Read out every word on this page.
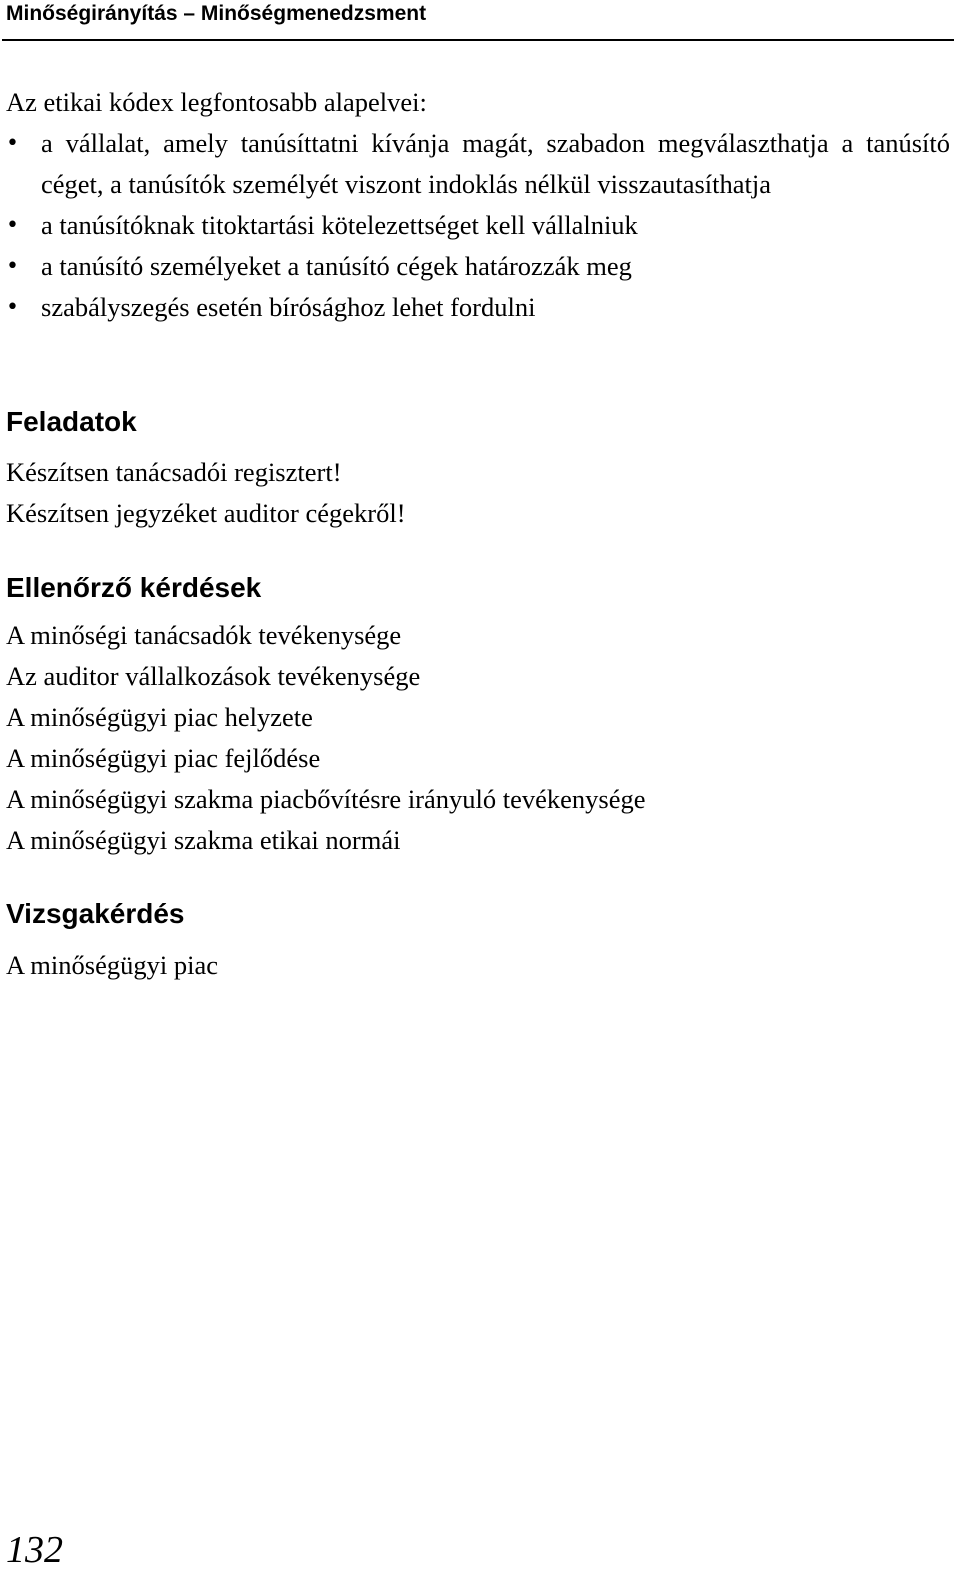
Minőségirányítás – Minőségmenedzsment
Az etikai kódex legfontosabb alapelvei:
• a vállalat, amely tanúsíttatni kívánja magát, szabadon megválaszthatja a tanúsító céget, a tanúsítók személyét viszont indoklás nélkül visszautasíthatja
• a tanúsítóknak titoktartási kötelezettséget kell vállalniuk
• a tanúsító személyeket a tanúsító cégek határozzák meg
• szabályszegés esetén bírósághoz lehet fordulni
Feladatok
Készítsen tanácsadói regisztert!
Készítsen jegyzéket auditor cégekről!
Ellenőrző kérdések
A minőségi tanácsadók tevékenysége
Az auditor vállalkozások tevékenysége
A minőségügyi piac helyzete
A minőségügyi piac fejlődése
A minőségügyi szakma piacbővítésre irányuló tevékenysége
A minőségügyi szakma etikai normái
Vizsgakérdés
A minőségügyi piac
132
